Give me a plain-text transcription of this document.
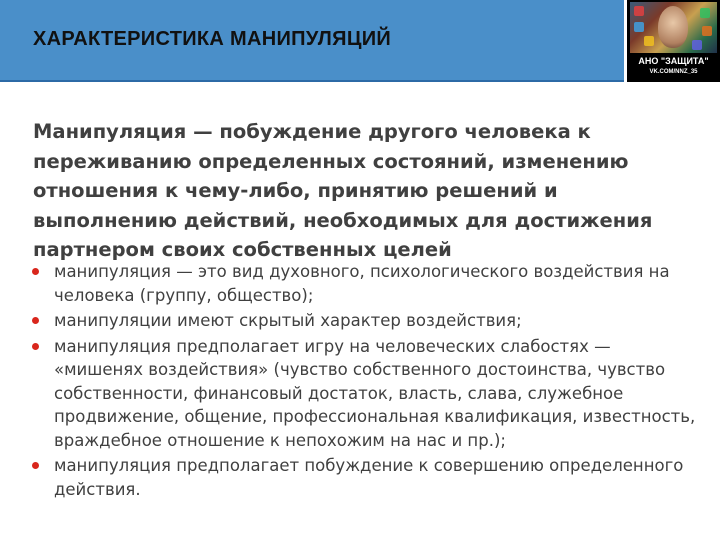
ХАРАКТЕРИСТИКА МАНИПУЛЯЦИЙ
АНО "ЗАЩИТА"
VK.COM/NNZ_35

Манипуляция — побуждение другого человека к переживанию определенных состояний, изменению отношения к чему-либо, принятию решений и выполнению действий, необходимых для достижения партнером своих собственных целей

манипуляция — это вид духовного, психологического воздействия на человека (группу, общество);
манипуляции имеют скрытый характер воздействия;
манипуляция предполагает игру на человеческих слабостях — «мишенях воздействия» (чувство собственного достоинства, чувство собственности, финансовый достаток, власть, слава, служебное продвижение, общение, профессиональная квалификация, известность, враждебное отношение к непохожим на нас и пр.);
манипуляция предполагает побуждение к совершению определенного действия.
